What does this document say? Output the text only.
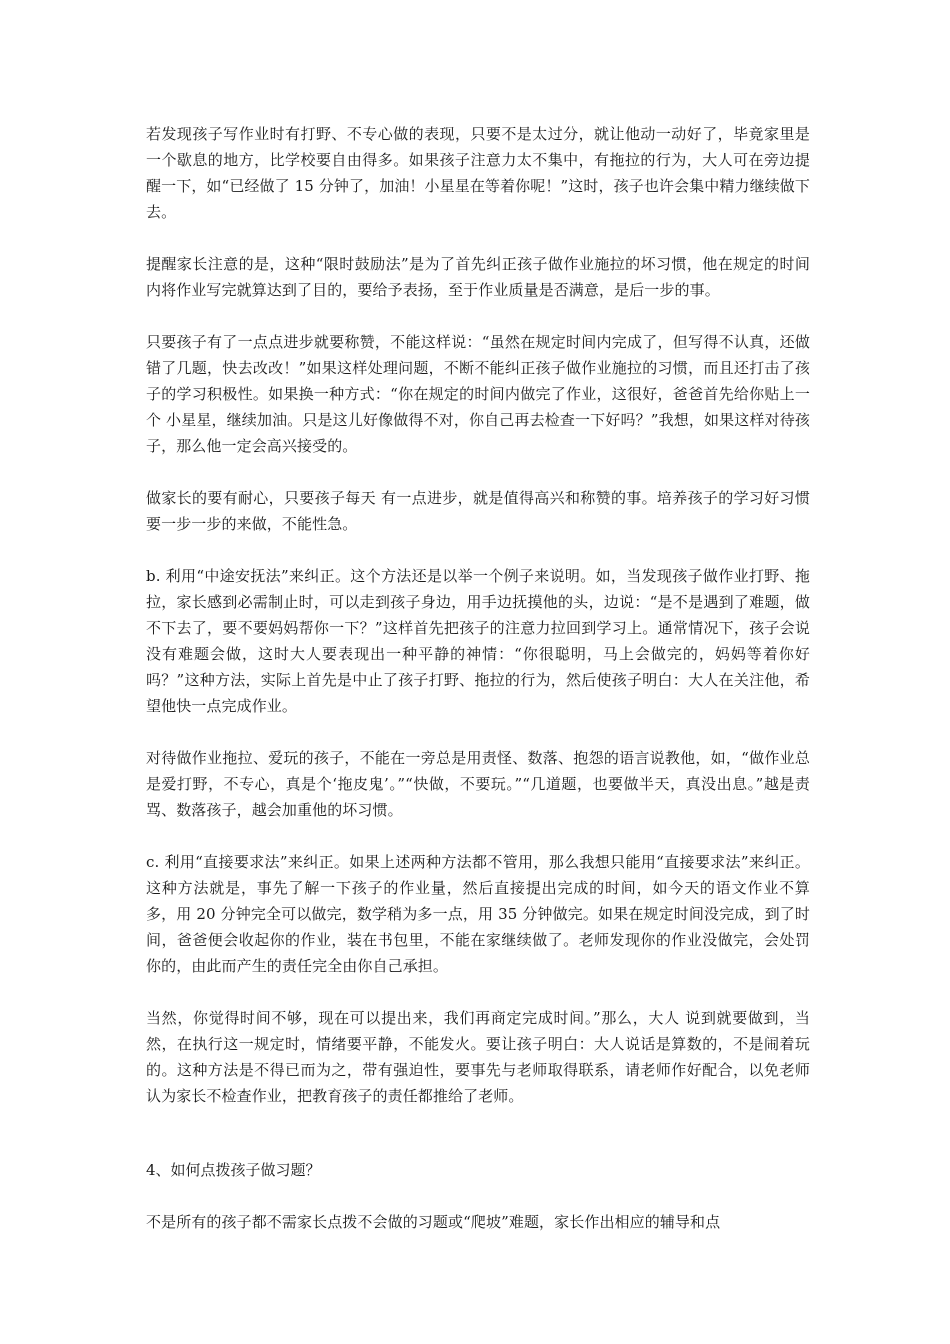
若发现孩子写作业时有打野、不专心做的表现，只要不是太过分，就让他动一动好了，毕竟家里是一个歇息的地方，比学校要自由得多。如果孩子注意力太不集中，有拖拉的行为，大人可在旁边提醒一下，如“已经做了 15 分钟了，加油！小星星在等着你呢！”这时，孩子也许会集中精力继续做下去。

提醒家长注意的是，这种“限时鼓励法”是为了首先纠正孩子做作业施拉的坏习惯，他在规定的时间内将作业写完就算达到了目的，要给予表扬，至于作业质量是否满意，是后一步的事。

只要孩子有了一点点进步就要称赞，不能这样说：“虽然在规定时间内完成了，但写得不认真，还做错了几题，快去改改！”如果这样处理问题，不断不能纠正孩子做作业施拉的习惯，而且还打击了孩子的学习积极性。如果换一种方式：“你在规定的时间内做完了作业，这很好，爸爸首先给你贴上一个 小星星，继续加油。只是这儿好像做得不对，你自己再去检查一下好吗？”我想，如果这样对待孩子，那么他一定会高兴接受的。

做家长的要有耐心，只要孩子每天 有一点进步，就是值得高兴和称赞的事。培养孩子的学习好习惯要一步一步的来做，不能性急。

b. 利用“中途安抚法”来纠正。这个方法还是以举一个例子来说明。如，当发现孩子做作业打野、拖拉，家长感到必需制止时，可以走到孩子身边，用手边抚摸他的头，边说：“是不是遇到了难题，做不下去了，要不要妈妈帮你一下？”这样首先把孩子的注意力拉回到学习上。通常情况下，孩子会说没有难题会做，这时大人要表现出一种平静的神情：“你很聪明，马上会做完的，妈妈等着你好吗？”这种方法，实际上首先是中止了孩子打野、拖拉的行为，然后使孩子明白：大人在关注他，希望他快一点完成作业。

对待做作业拖拉、爱玩的孩子，不能在一旁总是用责怪、数落、抱怨的语言说教他，如，“做作业总是爱打野，不专心，真是个‘拖皮鬼’。”“快做，不要玩。”“几道题，也要做半天，真没出息。”越是责骂、数落孩子，越会加重他的坏习惯。

c. 利用“直接要求法”来纠正。如果上述两种方法都不管用，那么我想只能用“直接要求法”来纠正。这种方法就是，事先了解一下孩子的作业量，然后直接提出完成的时间，如今天的语文作业不算多，用 20 分钟完全可以做完，数学稍为多一点，用 35 分钟做完。如果在规定时间没完成，到了时间，爸爸便会收起你的作业，装在书包里，不能在家继续做了。老师发现你的作业没做完，会处罚你的，由此而产生的责任完全由你自己承担。

当然，你觉得时间不够，现在可以提出来，我们再商定完成时间。”那么，大人 说到就要做到，当然，在执行这一规定时，情绪要平静，不能发火。要让孩子明白：大人说话是算数的，不是闹着玩的。这种方法是不得已而为之，带有强迫性，要事先与老师取得联系，请老师作好配合，以免老师认为家长不检查作业，把教育孩子的责任都推给了老师。

4、如何点拨孩子做习题？

不是所有的孩子都不需家长点拨不会做的习题或“爬坡”难题，家长作出相应的辅导和点
